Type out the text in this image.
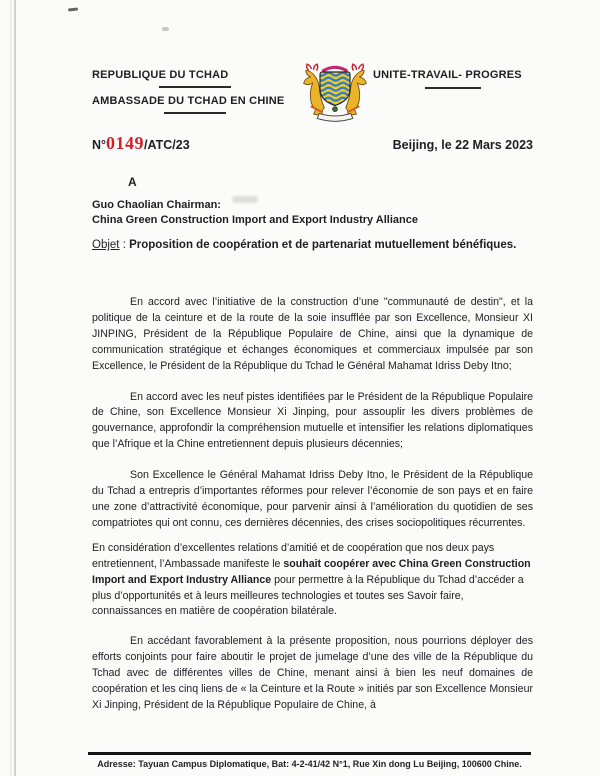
REPUBLIQUE DU TCHAD
AMBASSADE DU TCHAD EN CHINE
UNITE-TRAVAIL- PROGRES
N°0149/ATC/23	Beijing, le 22 Mars 2023
A
Guo Chaolian Chairman:
China Green Construction Import and Export Industry Alliance
Objet : Proposition de coopération et de partenariat mutuellement bénéfiques.

En accord avec l’initiative de la construction d’une "communauté de destin", et la politique de la ceinture et de la route de la soie insufflée par son Excellence, Monsieur XI JINPING, Président de la République Populaire de Chine, ainsi que la dynamique de communication stratégique et échanges économiques et commerciaux impulsée par son Excellence, le Président de la République du Tchad le Général Mahamat Idriss Deby Itno;

En accord avec les neuf pistes identifiées par le Président de la République Populaire de Chine, son Excellence Monsieur Xi Jinping, pour assouplir les divers problèmes de gouvernance, approfondir la compréhension mutuelle et intensifier les relations diplomatiques que l’Afrique et la Chine entretiennent depuis plusieurs décennies;

Son Excellence le Général Mahamat Idriss Deby Itno, le Président de la République du Tchad a entrepris d’importantes réformes pour relever l’économie de son pays et en faire une zone d’attractivité économique, pour parvenir ainsi à l’amélioration du quotidien de ses compatriotes qui ont connu, ces dernières décennies, des crises sociopolitiques récurrentes.

En considération d’excellentes relations d’amitié et de coopération que nos deux pays entretiennent, l’Ambassade manifeste le souhait coopérer avec China Green Construction Import and Export Industry Alliance pour permettre à la République du Tchad d’accéder a plus d’opportunités et à leurs meilleures technologies et toutes ses Savoir faire, connaissances en matière de coopération bilatérale.

En accédant favorablement à la présente proposition, nous pourrions déployer des efforts conjoints pour faire aboutir le projet de jumelage d’une des ville de la République du Tchad avec de différentes villes de Chine, menant ainsi à bien les neuf domaines de coopération et les cinq liens de « la Ceinture et la Route » initiés par son Excellence Monsieur Xi Jinping, Président de la République Populaire de Chine, à

Adresse: Tayuan Campus Diplomatique, Bat: 4-2-41/42 N°1, Rue Xin dong Lu Beijing, 100600 Chine.
